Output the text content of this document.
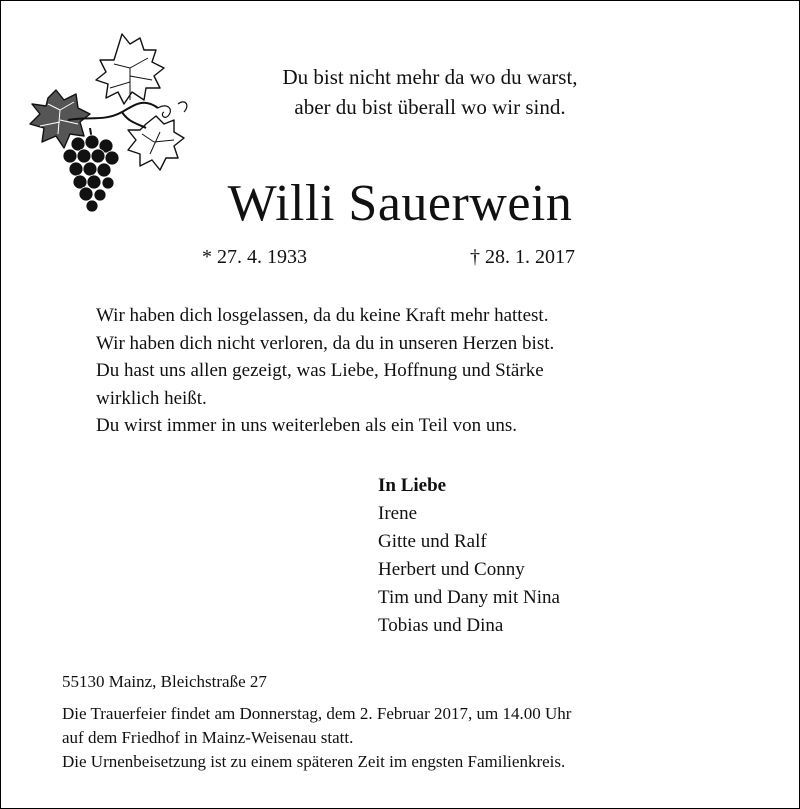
Du bist nicht mehr da wo du warst,
aber du bist überall wo wir sind.
Willi Sauerwein
* 27. 4. 1933	† 28. 1. 2017
Wir haben dich losgelassen, da du keine Kraft mehr hattest.
Wir haben dich nicht verloren, da du in unseren Herzen bist.
Du hast uns allen gezeigt, was Liebe, Hoffnung und Stärke
wirklich heißt.
Du wirst immer in uns weiterleben als ein Teil von uns.
In Liebe
Irene
Gitte und Ralf
Herbert und Conny
Tim und Dany mit Nina
Tobias und Dina
55130 Mainz, Bleichstraße 27
Die Trauerfeier findet am Donnerstag, dem 2. Februar 2017, um 14.00 Uhr
auf dem Friedhof in Mainz-Weisenau statt.
Die Urnenbeisetzung ist zu einem späteren Zeit im engsten Familienkreis.
